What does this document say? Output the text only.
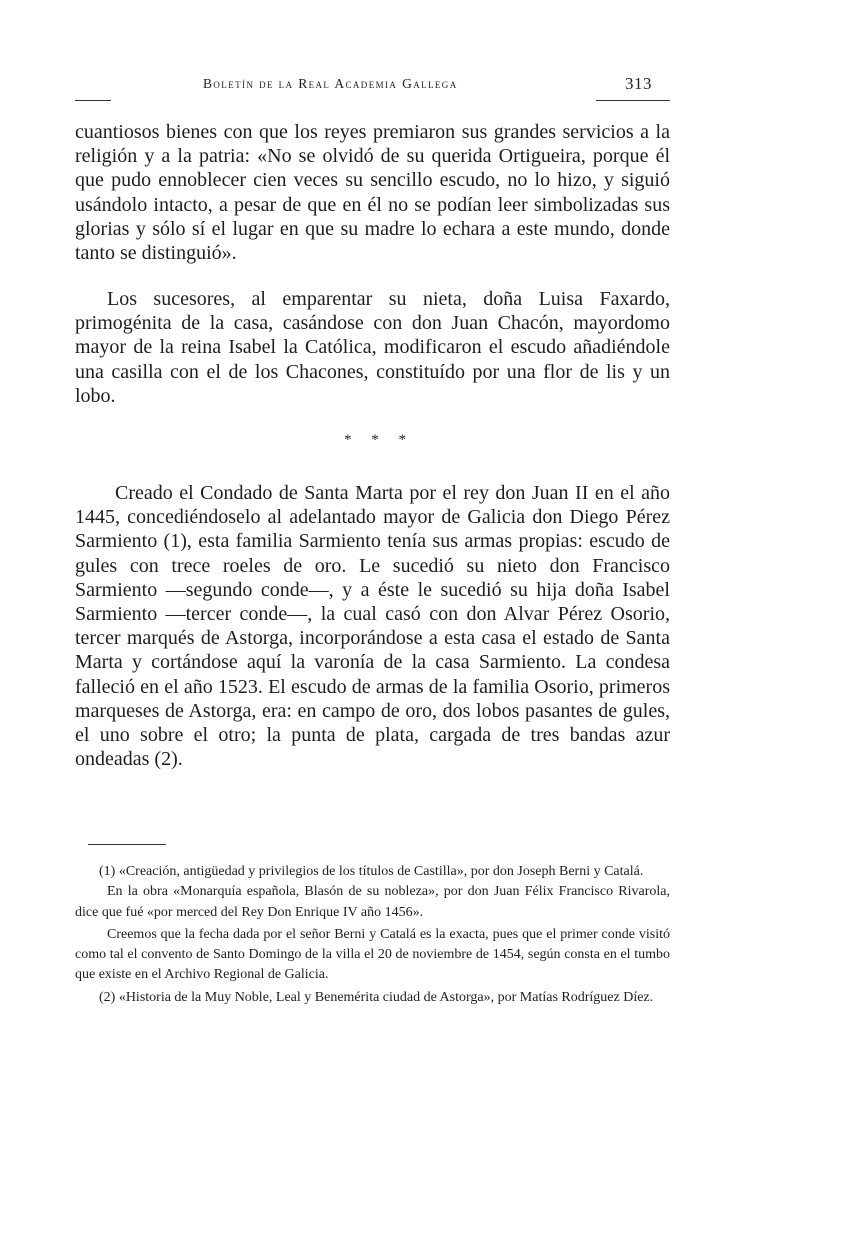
Boletín de la Real Academia Gallega	313

cuantiosos bienes con que los reyes premiaron sus grandes servicios a la religión y a la patria: «No se olvidó de su querida Ortigueira, porque él que pudo ennoblecer cien veces su sencillo escudo, no lo hizo, y siguió usándolo intacto, a pesar de que en él no se podían leer simbolizadas sus glorias y sólo sí el lugar en que su madre lo echara a este mundo, donde tanto se distinguió».

Los sucesores, al emparentar su nieta, doña Luisa Faxardo, primogénita de la casa, casándose con don Juan Chacón, mayordomo mayor de la reina Isabel la Católica, modificaron el escudo añadiéndole una casilla con el de los Chacones, constituído por una flor de lis y un lobo.

* * *

Creado el Condado de Santa Marta por el rey don Juan II en el año 1445, concediéndoselo al adelantado mayor de Galicia don Diego Pérez Sarmiento (1), esta familia Sarmiento tenía sus armas propias: escudo de gules con trece roeles de oro. Le sucedió su nieto don Francisco Sarmiento —segundo conde—, y a éste le sucedió su hija doña Isabel Sarmiento —tercer conde—, la cual casó con don Alvar Pérez Osorio, tercer marqués de Astorga, incorporándose a esta casa el estado de Santa Marta y cortándose aquí la varonía de la casa Sarmiento. La condesa falleció en el año 1523. El escudo de armas de la familia Osorio, primeros marqueses de Astorga, era: en campo de oro, dos lobos pasantes de gules, el uno sobre el otro; la punta de plata, cargada de tres bandas azur ondeadas (2).

(1) «Creación, antigüedad y privilegios de los títulos de Castilla», por don Joseph Berni y Catalá.

En la obra «Monarquía española, Blasón de su nobleza», por don Juan Félix Francisco Rivarola, dice que fué «por merced del Rey Don Enrique IV año 1456».

Creemos que la fecha dada por el señor Berni y Catalá es la exacta, pues que el primer conde visitó como tal el convento de Santo Domingo de la villa el 20 de noviembre de 1454, según consta en el tumbo que existe en el Archivo Regional de Galicia.

(2) «Historia de la Muy Noble, Leal y Benemérita ciudad de Astorga», por Matías Rodríguez Díez.
